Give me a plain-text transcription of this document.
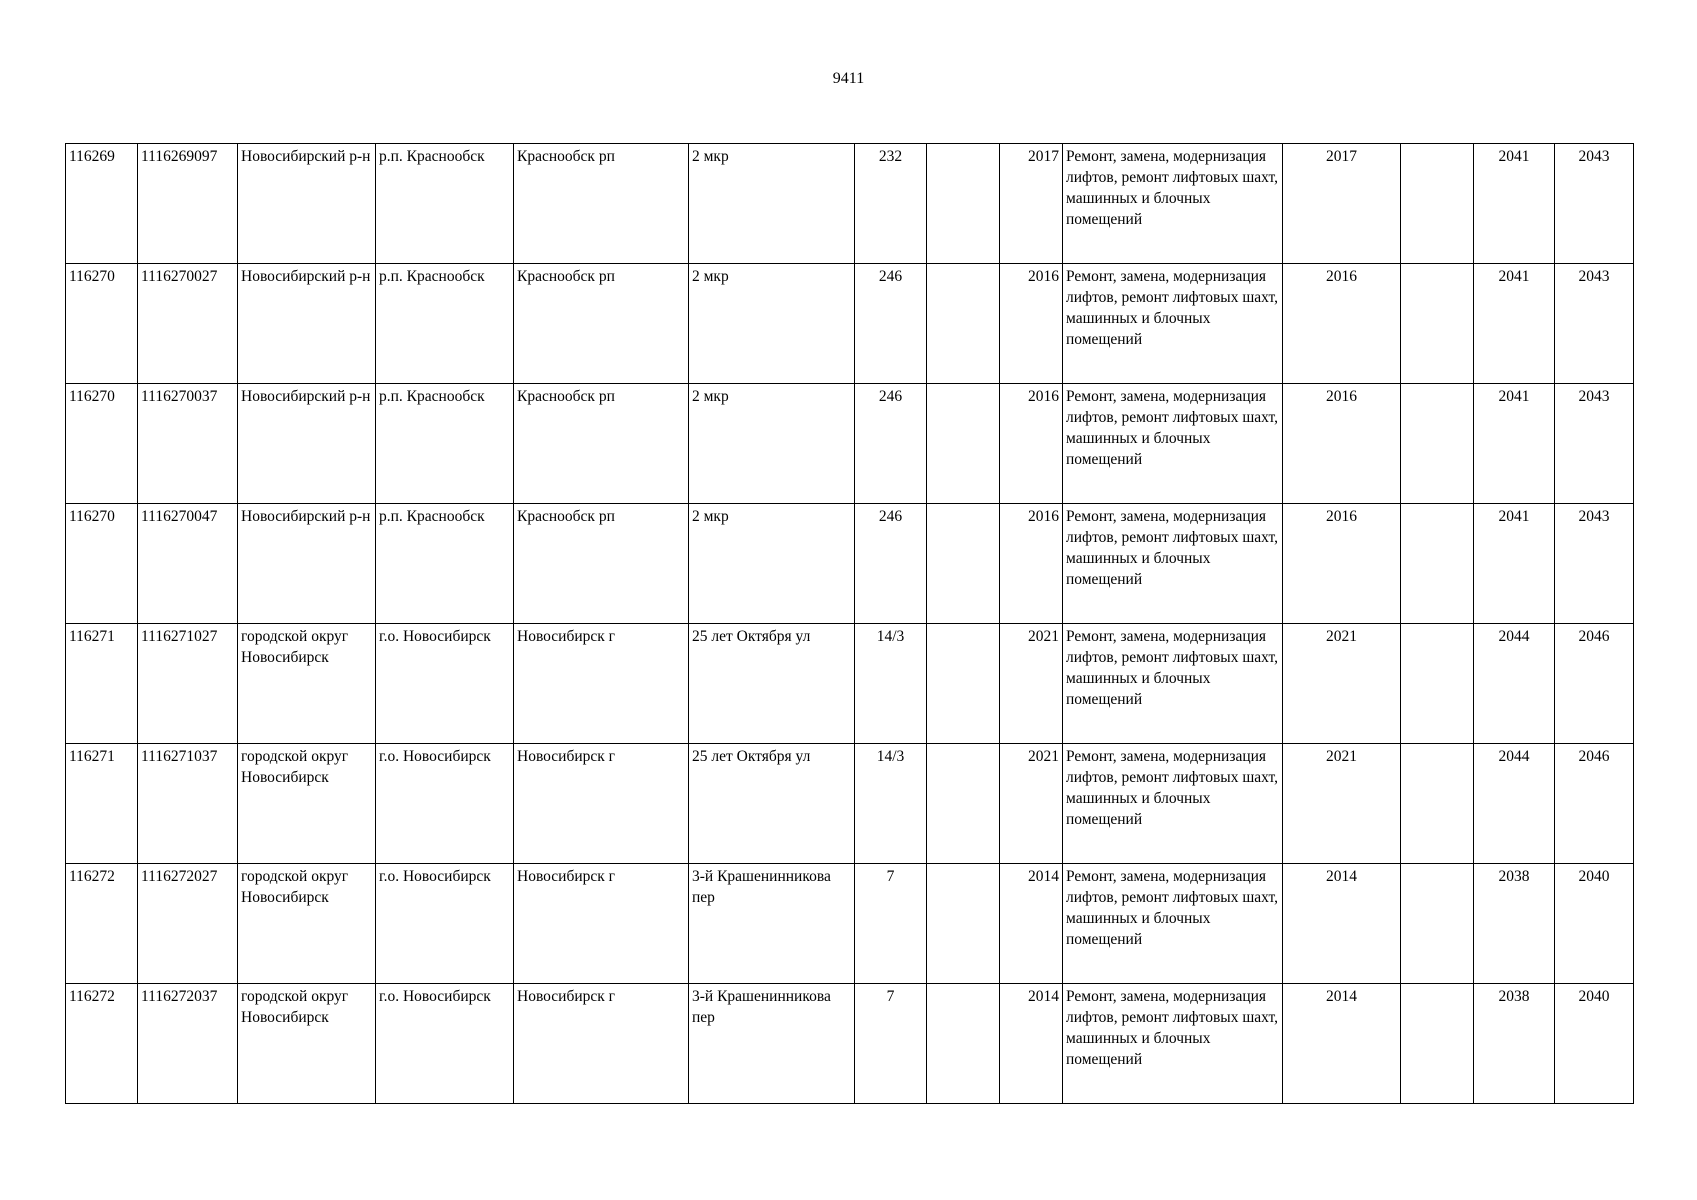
9411
116269	1116269097	Новосибирский р-н	р.п. Краснообск	Краснообск рп	2 мкр	232		2017	Ремонт, замена, модернизация лифтов, ремонт лифтовых шахт, машинных и блочных помещений	2017		2041	2043
116270	1116270027	Новосибирский р-н	р.п. Краснообск	Краснообск рп	2 мкр	246		2016	Ремонт, замена, модернизация лифтов, ремонт лифтовых шахт, машинных и блочных помещений	2016		2041	2043
116270	1116270037	Новосибирский р-н	р.п. Краснообск	Краснообск рп	2 мкр	246		2016	Ремонт, замена, модернизация лифтов, ремонт лифтовых шахт, машинных и блочных помещений	2016		2041	2043
116270	1116270047	Новосибирский р-н	р.п. Краснообск	Краснообск рп	2 мкр	246		2016	Ремонт, замена, модернизация лифтов, ремонт лифтовых шахт, машинных и блочных помещений	2016		2041	2043
116271	1116271027	городской округ Новосибирск	г.о. Новосибирск	Новосибирск г	25 лет Октября ул	14/3		2021	Ремонт, замена, модернизация лифтов, ремонт лифтовых шахт, машинных и блочных помещений	2021		2044	2046
116271	1116271037	городской округ Новосибирск	г.о. Новосибирск	Новосибирск г	25 лет Октября ул	14/3		2021	Ремонт, замена, модернизация лифтов, ремонт лифтовых шахт, машинных и блочных помещений	2021		2044	2046
116272	1116272027	городской округ Новосибирск	г.о. Новосибирск	Новосибирск г	3-й Крашенинникова пер	7		2014	Ремонт, замена, модернизация лифтов, ремонт лифтовых шахт, машинных и блочных помещений	2014		2038	2040
116272	1116272037	городской округ Новосибирск	г.о. Новосибирск	Новосибирск г	3-й Крашенинникова пер	7		2014	Ремонт, замена, модернизация лифтов, ремонт лифтовых шахт, машинных и блочных помещений	2014		2038	2040
